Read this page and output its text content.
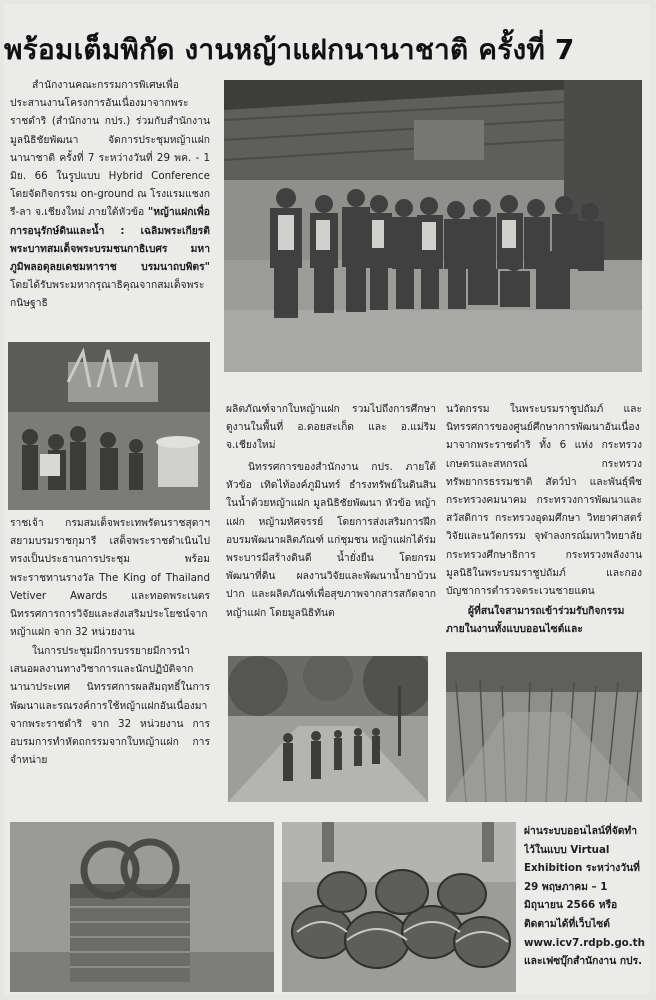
พร้อมเต็มพิกัด งานหญ้าแฝกนานาชาติ ครั้งที่ 7

สำนักงานคณะกรรมการพิเศษเพื่อประสานงานโครงการอันเนื่องมาจากพระราชดำริ (สำนักงาน กปร.) ร่วมกับสำนักงานมูลนิธิชัยพัฒนา จัดการประชุมหญ้าแฝกนานาชาติ ครั้งที่ 7 ระหว่างวันที่ 29 พค. - 1 มิย. 66 ในรูปแบบ Hybrid Conference โดยจัดกิจกรรม on-ground ณ โรงแรมแชงกรี-ลา จ.เชียงใหม่ ภายใต้หัวข้อ "หญ้าแฝกเพื่อการอนุรักษ์ดินและน้ำ : เฉลิมพระเกียรติพระบาทสมเด็จพระบรมชนกาธิเบศร มหาภูมิพลอดุลยเดชมหาราช บรมนาถบพิตร" โดยได้รับพระมหากรุณาธิคุณจากสมเด็จพระกนิษฐาธิ

ราชเจ้า กรมสมเด็จพระเทพรัตนราชสุดาฯ สยามบรมราชกุมารี เสด็จพระราชดำเนินไปทรงเป็นประธานการประชุม พร้อมพระราชทานรางวัล The King of Thailand Vetiver Awards และทอดพระเนตรนิทรรศการการวิจัยและส่งเสริมประโยชน์จากหญ้าแฝก จาก 32 หน่วยงาน

ในการประชุมมีการบรรยายมีการนำเสนอผลงานทางวิชาการและนักปฏิบัติจากนานาประเทศ นิทรรศการผลสัมฤทธิ์ในการพัฒนาและรณรงค์การใช้หญ้าแฝกอันเนื่องมาจากพระราชดำริ จาก 32 หน่วยงาน การอบรมการทำหัตถกรรมจากใบหญ้าแฝก การจำหน่าย

ผลิตภัณฑ์จากใบหญ้าแฝก รวมไปถึงการศึกษา ดูงานในพื้นที่ อ.ดอยสะเก็ด และ อ.แม่ริม จ.เชียงใหม่

นิทรรศการของสำนักงาน กปร. ภายใต้หัวข้อ เทิดไท้องค์ภูมินทร์ ธำรงทรัพย์ในดินสินในน้ำด้วยหญ้าแฝก มูลนิธิชัยพัฒนา หัวข้อ หญ้าแฝก หญ้ามหัศจรรย์ โดยการส่งเสริมการฝึกอบรมพัฒนาผลิตภัณฑ์ แก่ชุมชน หญ้าแฝกได้ร่มพระบารมีสร้างดินดี น้ำยั่งยืน โดยกรมพัฒนาที่ดิน ผลงานวิจัยและพัฒนาน้ำยาบ้วนปาก และผลิตภัณฑ์เพื่อสุขภาพจากสารสกัดจากหญ้าแฝก โดยมูลนิธิทันต

นวัตกรรม ในพระบรมราชูปถัมภ์ และนิทรรศการของศูนย์ศึกษาการพัฒนาอันเนื่องมาจากพระราชดำริ ทั้ง 6 แห่ง กระทรวงเกษตรและสหกรณ์ กระทรวงทรัพยากรธรรมชาติ สัตว์ป่า และพันธุ์พืช กระทรวงคมนาคม กระทรวงการพัฒนาและสวัสดิการ กระทรวงอุดมศึกษา วิทยาศาสตร์ วิจัยและนวัตกรรม จุฬาลงกรณ์มหาวิทยาลัย กระทรวงศึกษาธิการ กระทรวงพลังงาน มูลนิธิในพระบรมราชูปถัมภ์ และกองบัญชาการตำรวจตระเวนชายแดน

ผู้ที่สนใจสามารถเข้าร่วมรับกิจกรรมภายในงานทั้งแบบออนไซต์และ

ผ่านระบบออนไลน์ที่จัดทำไว้ในแบบ Virtual Exhibition ระหว่างวันที่ 29 พฤษภาคม – 1 มิถุนายน 2566 หรือติดตามได้ที่เว็บไซต์ www.icv7.rdpb.go.th และเฟซบุ๊กสำนักงาน กปร.
